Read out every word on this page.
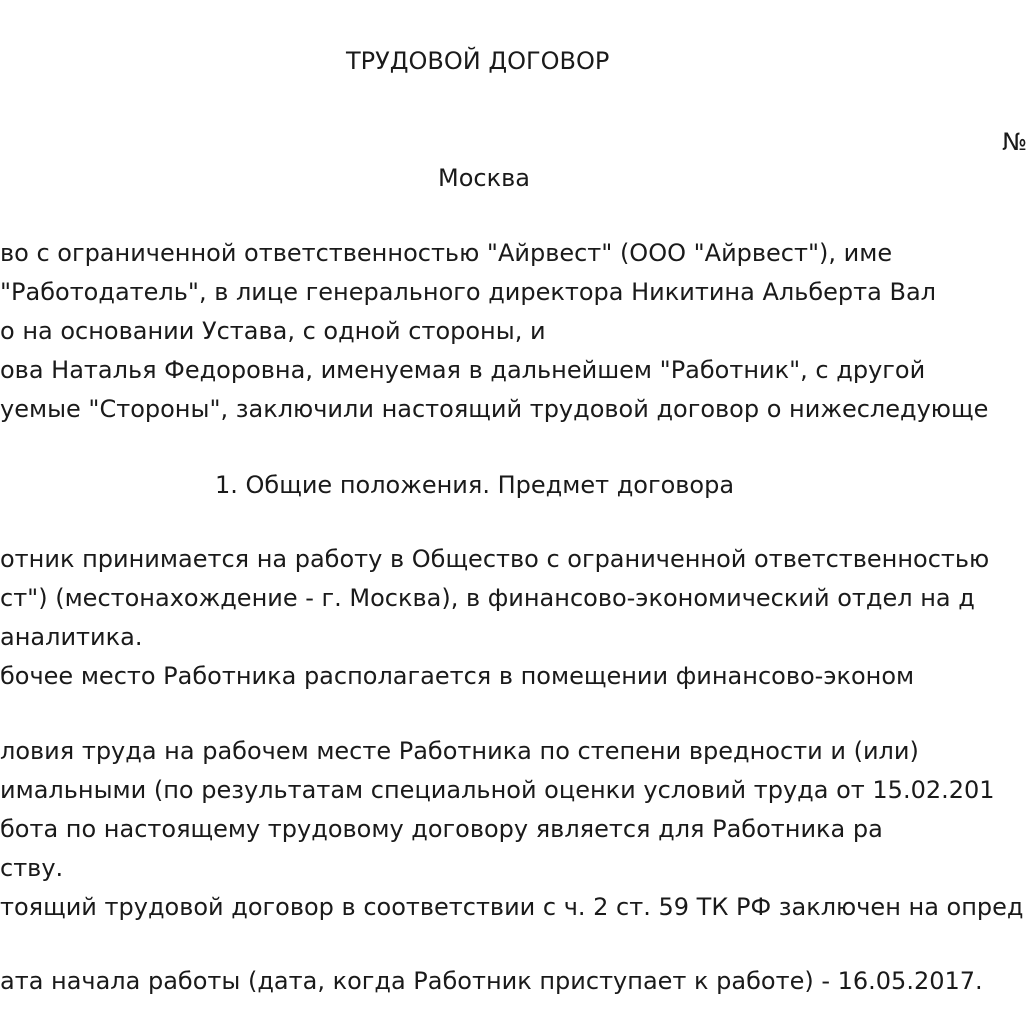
ТРУДОВОЙ ДОГОВОР
№
Москва
во с ограниченной ответственностью "Айрвест" (ООО "Айрвест"), име
"Работодатель", в лице генерального директора Никитина Альберта Вал
о на основании Устава, с одной стороны, и
ова Наталья Федоровна, именуемая в дальнейшем "Работник", с другой
уемые "Стороны", заключили настоящий трудовой договор о нижеследующе
1. Общие положения. Предмет договора
отник принимается на работу в Общество с ограниченной ответственностью
ст") (местонахождение - г. Москва), в финансово-экономический отдел на д
аналитика.
бочее место Работника располагается в помещении финансово-эконом
ловия труда на рабочем месте Работника по степени вредности и (или)
имальными (по результатам специальной оценки условий труда от 15.02.201
бота по настоящему трудовому договору является для Работника ра
ству.
тоящий трудовой договор в соответствии с ч. 2 ст. 59 ТК РФ заключен на опред
ата начала работы (дата, когда Работник приступает к работе) - 16.05.2017.
